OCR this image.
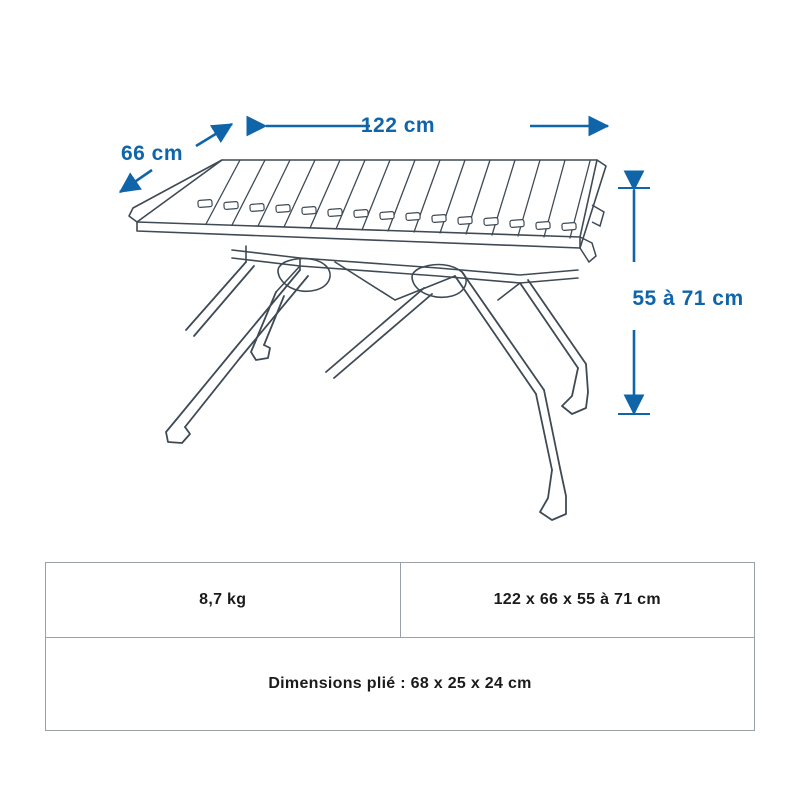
122 cm
66 cm
55 à 71 cm
8,7 kg	122 x 66 x 55 à 71 cm
Dimensions plié : 68 x 25 x 24 cm
